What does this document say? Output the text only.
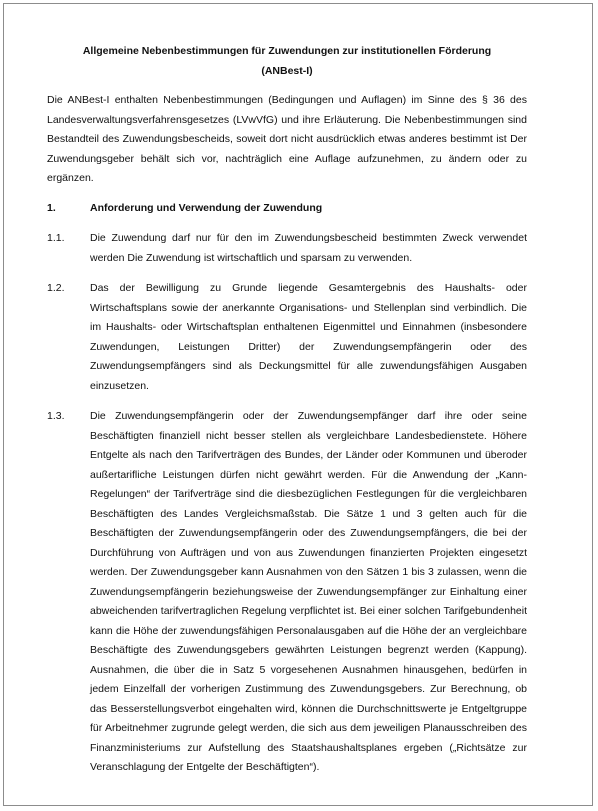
Allgemeine Nebenbestimmungen für Zuwendungen zur institutionellen Förderung
(ANBest-I)

Die ANBest-I enthalten Nebenbestimmungen (Bedingungen und Auflagen) im Sinne des § 36 des Landesverwaltungsverfahrensgesetzes (LVwVfG) und ihre Erläuterung. Die Nebenbestimmungen sind Bestandteil des Zuwendungsbescheids, soweit dort nicht ausdrücklich etwas anderes bestimmt ist Der Zuwendungsgeber behält sich vor, nachträglich eine Auflage aufzunehmen, zu ändern oder zu ergänzen.

1.	Anforderung und Verwendung der Zuwendung
1.1.	Die Zuwendung darf nur für den im Zuwendungsbescheid bestimmten Zweck verwendet werden Die Zuwendung ist wirtschaftlich und sparsam zu verwenden.

1.2.	Das der Bewilligung zu Grunde liegende Gesamtergebnis des Haushalts- oder Wirtschaftsplans sowie der anerkannte Organisations- und Stellenplan sind verbindlich. Die im Haushalts- oder Wirtschaftsplan enthaltenen Eigenmittel und Einnahmen (insbesondere Zuwendungen, Leistungen Dritter) der Zuwendungsempfängerin oder des Zuwendungsempfängers sind als Deckungsmittel für alle zuwendungsfähigen Ausgaben einzusetzen.

1.3.	Die Zuwendungsempfängerin oder der Zuwendungsempfänger darf ihre oder seine Beschäftigten finanziell nicht besser stellen als vergleichbare Landesbedienstete. Höhere Entgelte als nach den Tarifverträgen des Bundes, der Länder oder Kommunen und überoder außertarifliche Leistungen dürfen nicht gewährt werden. Für die Anwendung der „Kann-Regelungen“ der Tarifverträge sind die diesbezüglichen Festlegungen für die vergleichbaren Beschäftigten des Landes Vergleichsmaßstab. Die Sätze 1 und 3 gelten auch für die Beschäftigten der Zuwendungsempfängerin oder des Zuwendungsempfängers, die bei der Durchführung von Aufträgen und von aus Zuwendungen finanzierten Projekten eingesetzt werden. Der Zuwendungsgeber kann Ausnahmen von den Sätzen 1 bis 3 zulassen, wenn die Zuwendungsempfängerin beziehungsweise der Zuwendungsempfänger zur Einhaltung einer abweichenden tarifvertraglichen Regelung verpflichtet ist. Bei einer solchen Tarifgebundenheit kann die Höhe der zuwendungsfähigen Personalausgaben auf die Höhe der an vergleichbare Beschäftigte des Zuwendungsgebers gewährten Leistungen begrenzt werden (Kappung). Ausnahmen, die über die in Satz 5 vorgesehenen Ausnahmen hinausgehen, bedürfen in jedem Einzelfall der vorherigen Zustimmung des Zuwendungsgebers. Zur Berechnung, ob das Besserstellungsverbot eingehalten wird, können die Durchschnittswerte je Entgeltgruppe für Arbeitnehmer zugrunde gelegt werden, die sich aus dem jeweiligen Planausschreiben des Finanzministeriums zur Aufstellung des Staatshaushaltsplanes ergeben („Richtsätze zur Veranschlagung der Entgelte der Beschäftigten“).
